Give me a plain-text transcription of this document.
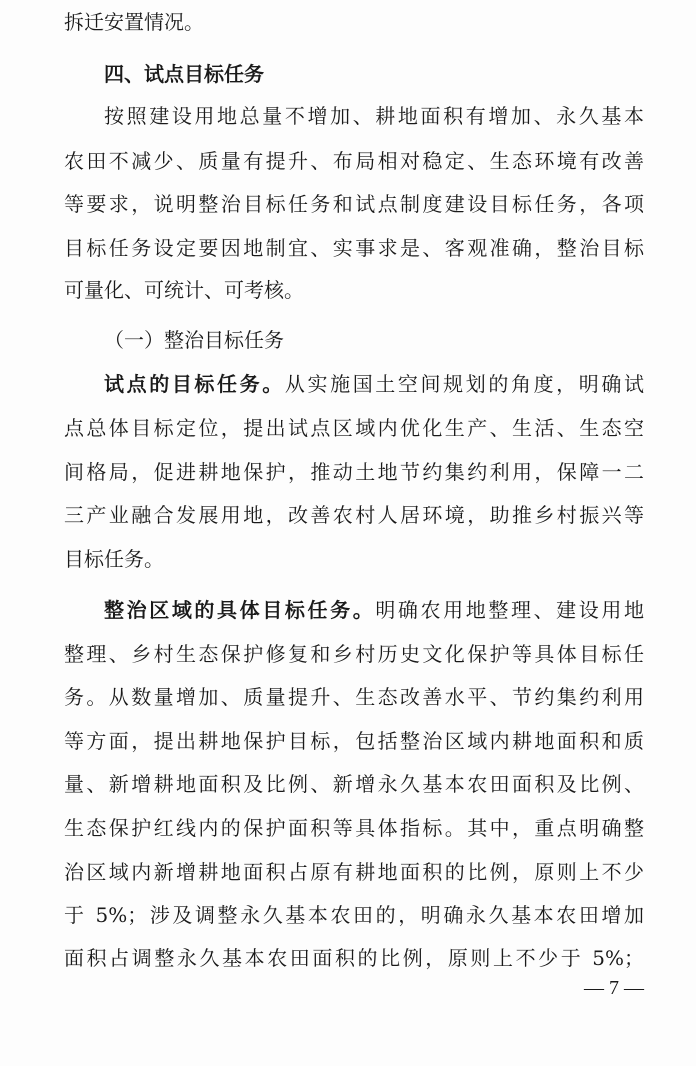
拆迁安置情况。
四、试点目标任务
按照建设用地总量不增加、耕地面积有增加、永久基本
农田不减少、质量有提升、布局相对稳定、生态环境有改善
等要求，说明整治目标任务和试点制度建设目标任务，各项
目标任务设定要因地制宜、实事求是、客观准确，整治目标
可量化、可统计、可考核。
（一）整治目标任务
试点的目标任务。从实施国土空间规划的角度，明确试
点总体目标定位，提出试点区域内优化生产、生活、生态空
间格局，促进耕地保护，推动土地节约集约利用，保障一二
三产业融合发展用地，改善农村人居环境，助推乡村振兴等
目标任务。
整治区域的具体目标任务。明确农用地整理、建设用地
整理、乡村生态保护修复和乡村历史文化保护等具体目标任
务。从数量增加、质量提升、生态改善水平、节约集约利用
等方面，提出耕地保护目标，包括整治区域内耕地面积和质
量、新增耕地面积及比例、新增永久基本农田面积及比例、
生态保护红线内的保护面积等具体指标。其中，重点明确整
治区域内新增耕地面积占原有耕地面积的比例，原则上不少
于 5%；涉及调整永久基本农田的，明确永久基本农田增加
面积占调整永久基本农田面积的比例，原则上不少于 5%；
— 7 —
